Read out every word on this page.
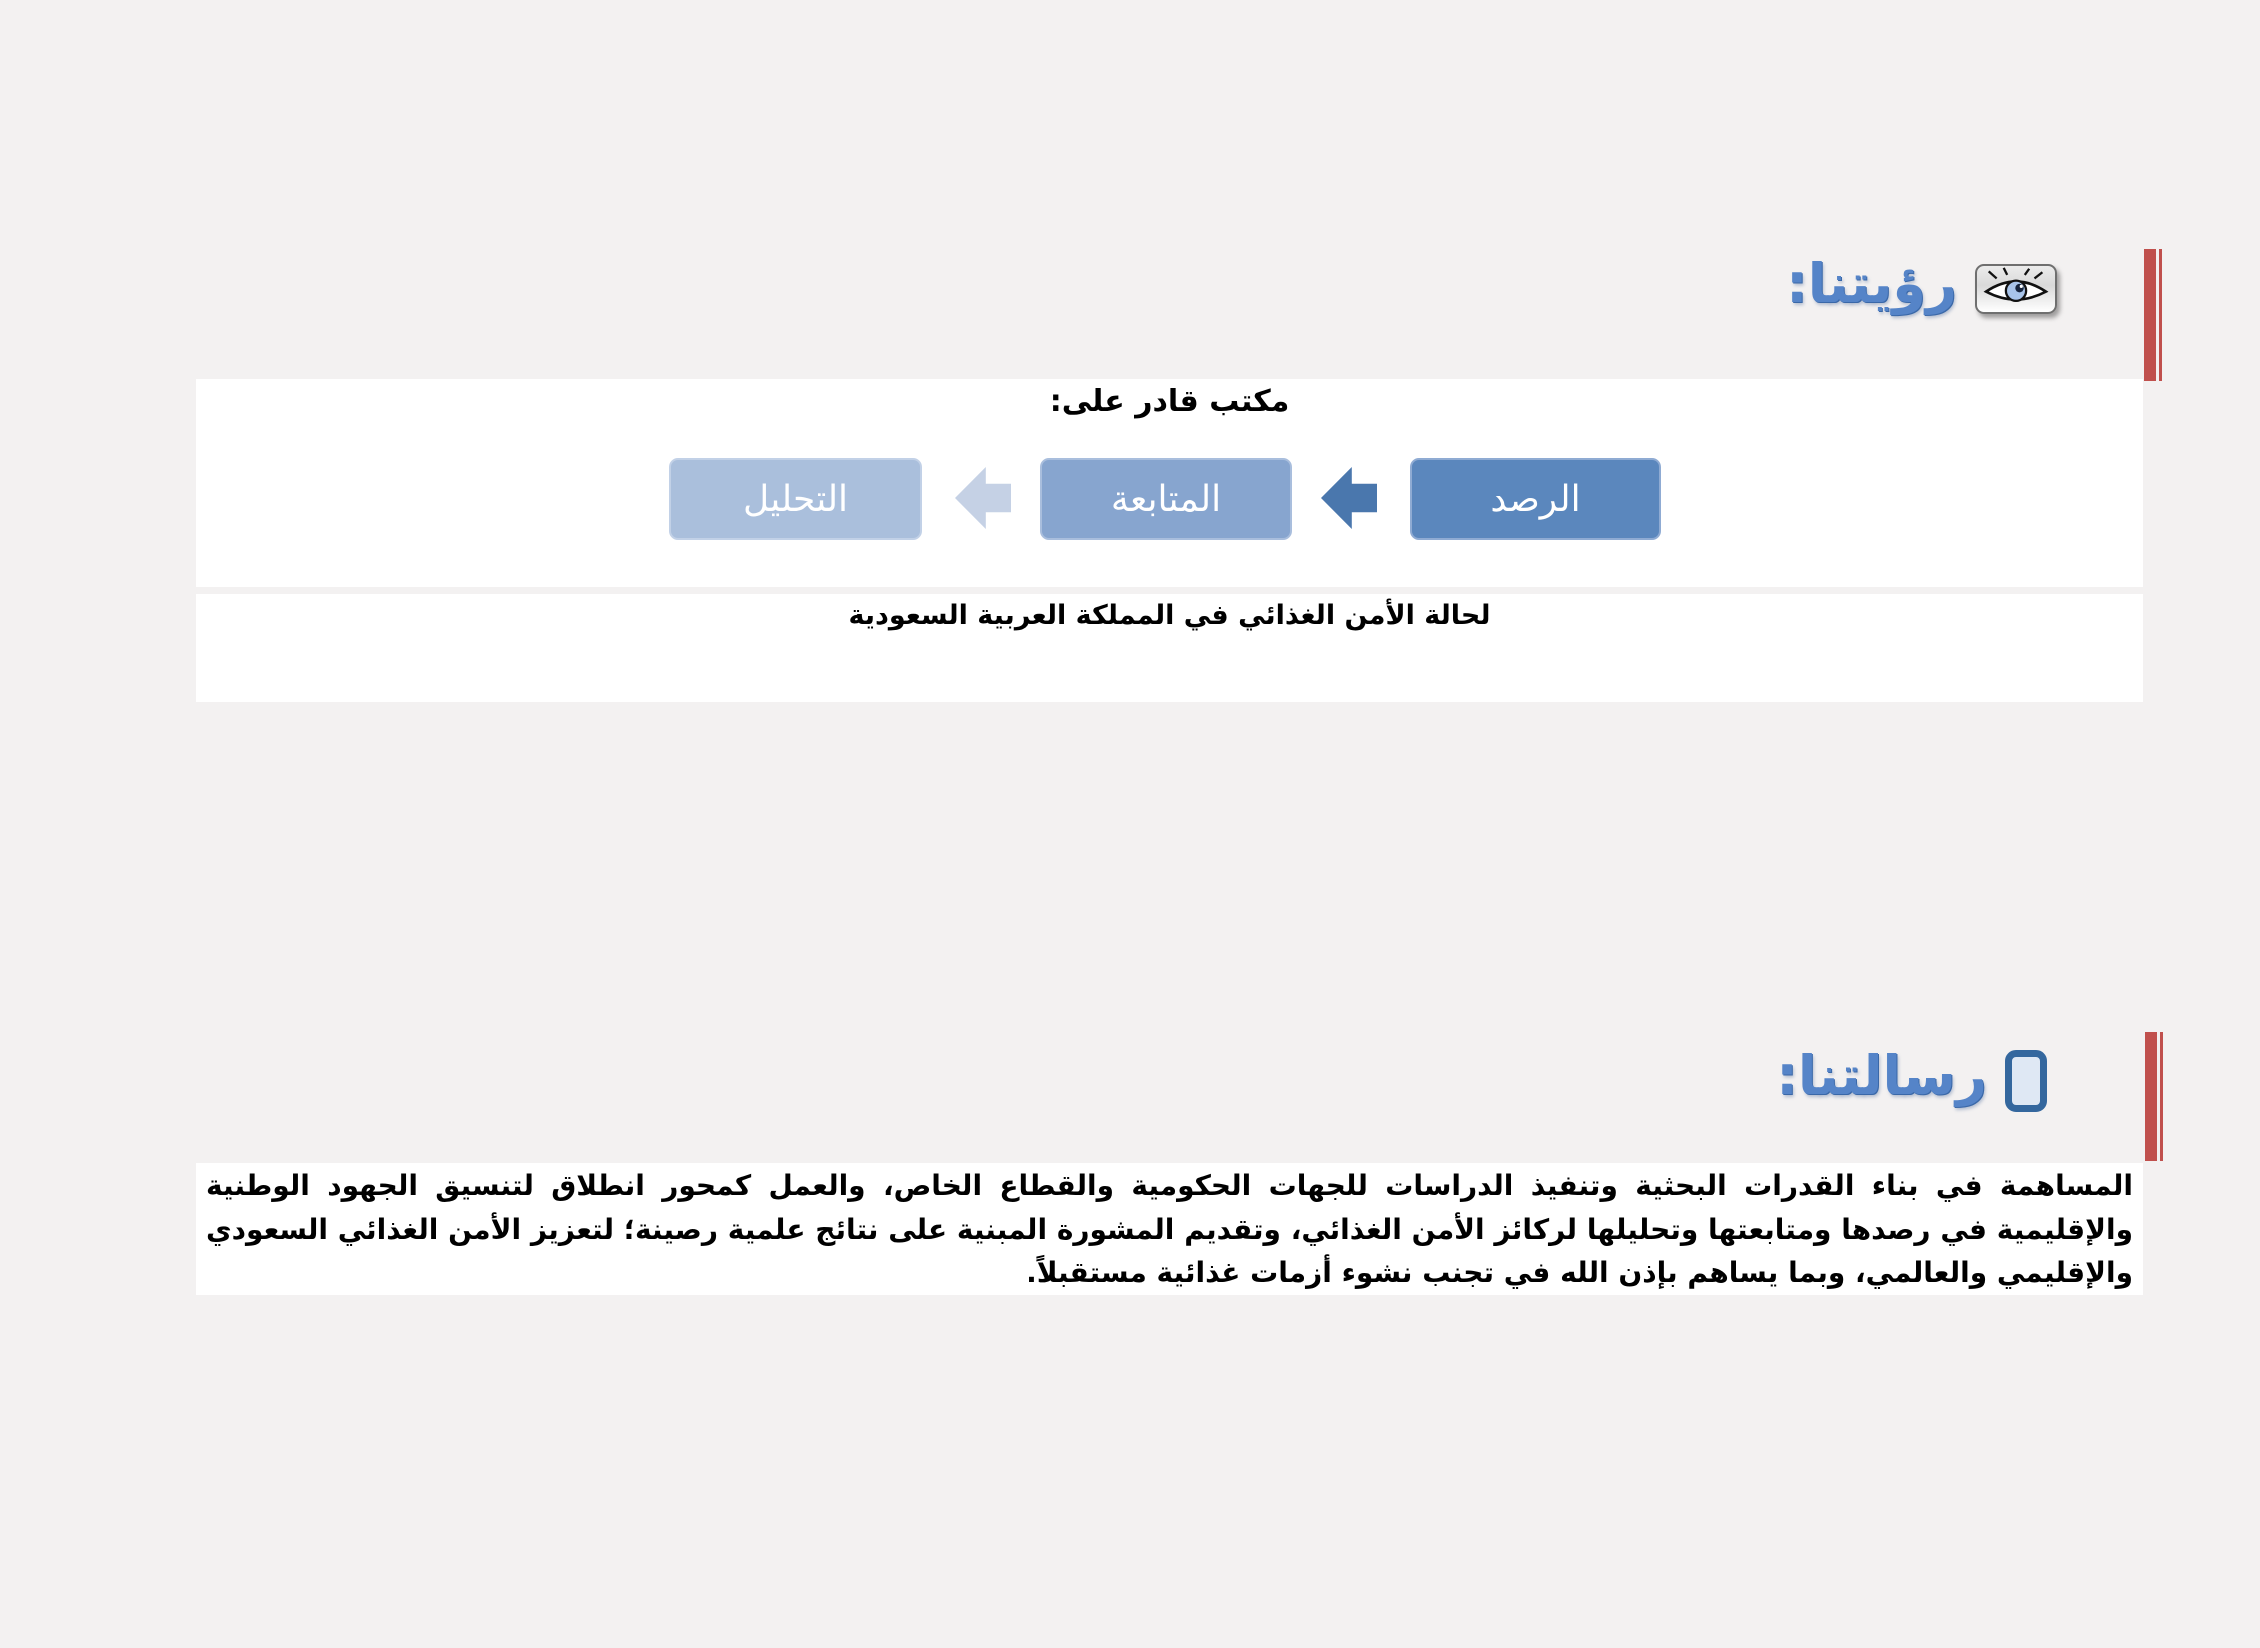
رؤيتنا:
مكتب قادر على:
الرصد
المتابعة
التحليل
لحالة الأمن الغذائي في المملكة العربية السعودية
رسالتنا:
المساهمة في بناء القدرات البحثية وتنفيذ الدراسات للجهات الحكومية والقطاع الخاص، والعمل كمحور انطلاق لتنسيق الجهود الوطنية والإقليمية في رصدها ومتابعتها وتحليلها لركائز الأمن الغذائي، وتقديم المشورة المبنية على نتائج علمية رصينة؛ لتعزيز الأمن الغذائي السعودي والإقليمي والعالمي، وبما يساهم بإذن الله في تجنب نشوء أزمات غذائية مستقبلاً.
